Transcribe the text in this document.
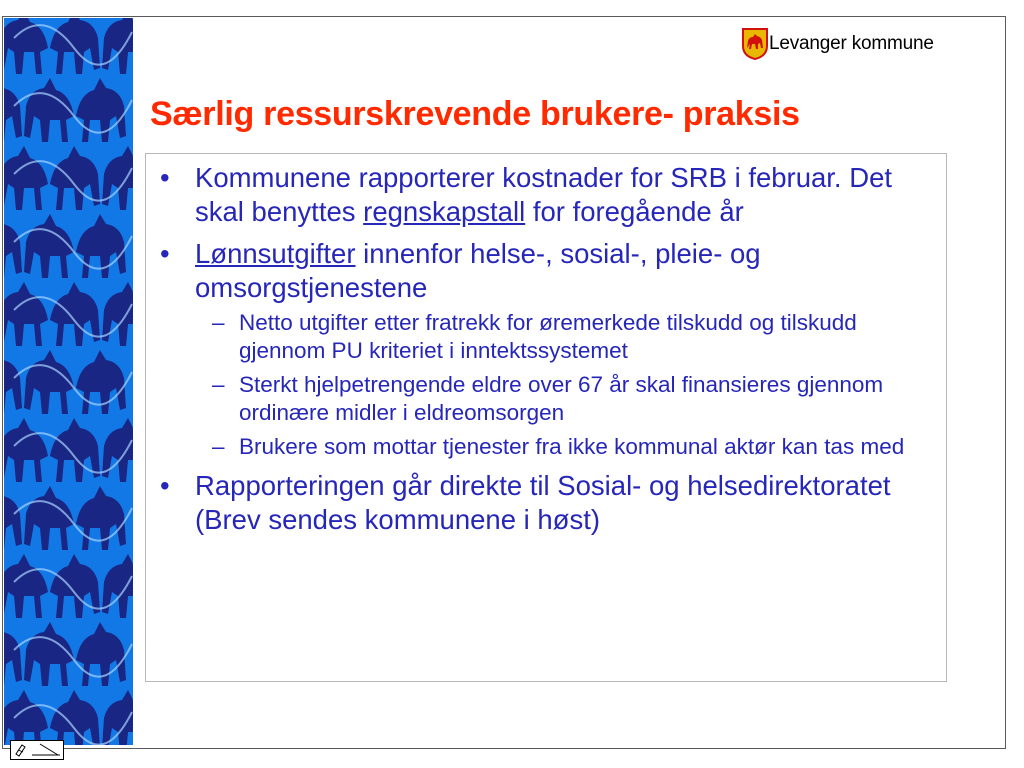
Levanger kommune
Særlig ressurskrevende brukere- praksis
• Kommunene rapporterer kostnader for SRB i februar. Det skal benyttes regnskapstall for foregående år
• Lønnsutgifter innenfor helse-, sosial-, pleie- og omsorgstjenestene
– Netto utgifter etter fratrekk for øremerkede tilskudd og tilskudd gjennom PU kriteriet i inntektssystemet
– Sterkt hjelpetrengende eldre over 67 år skal finansieres gjennom ordinære midler i eldreomsorgen
– Brukere som mottar tjenester fra ikke kommunal aktør kan tas med
• Rapporteringen går direkte til Sosial- og helsedirektoratet (Brev sendes kommunene i høst)
